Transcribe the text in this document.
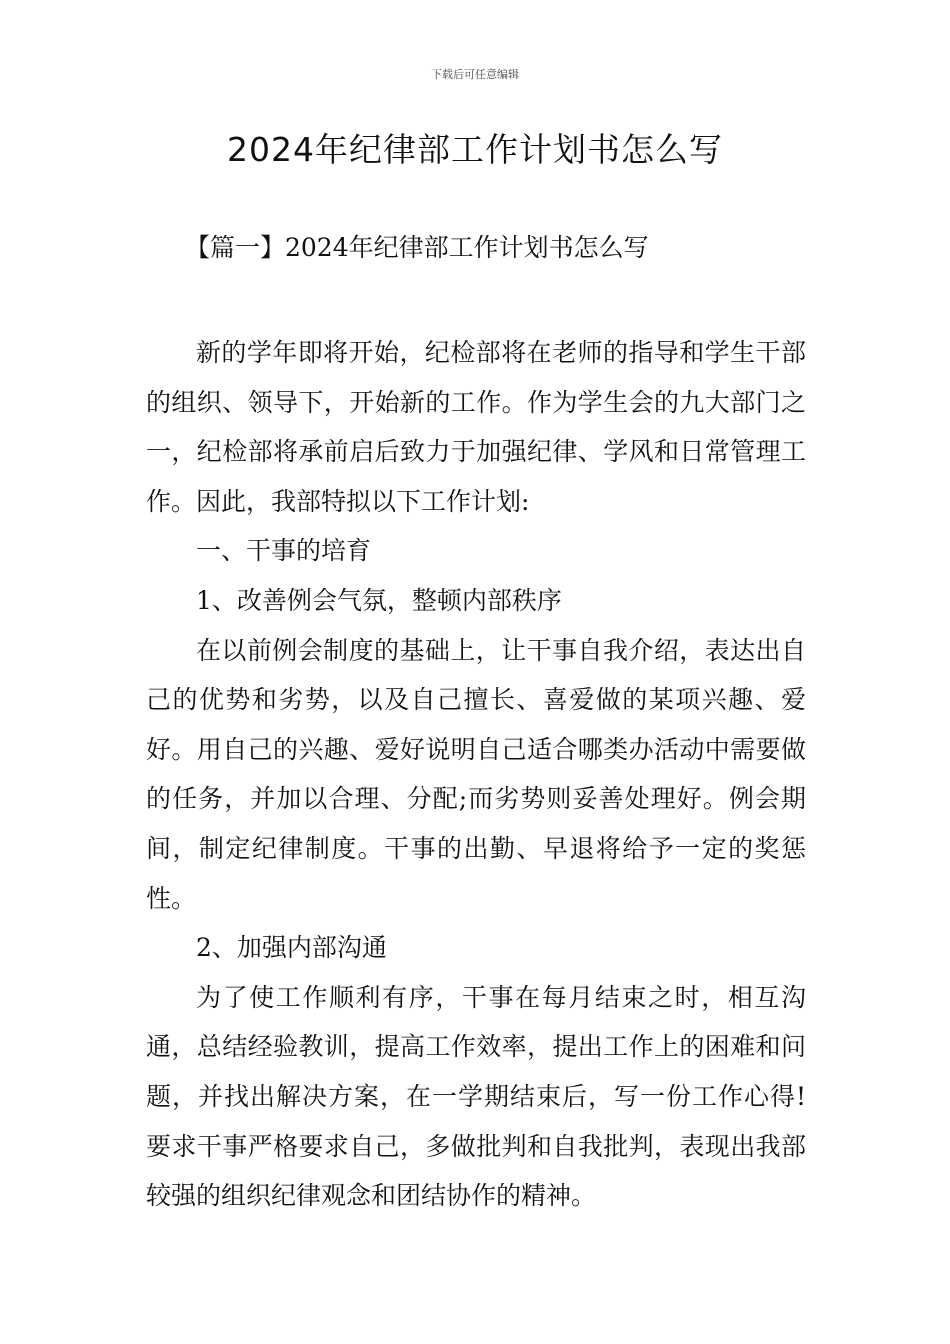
下载后可任意编辑
2024年纪律部工作计划书怎么写
【篇一】2024年纪律部工作计划书怎么写

新的学年即将开始，纪检部将在老师的指导和学生干部的组织、领导下，开始新的工作。作为学生会的九大部门之一，纪检部将承前启后致力于加强纪律、学风和日常管理工作。因此，我部特拟以下工作计划:

一、干事的培育

1、改善例会气氛，整顿内部秩序

在以前例会制度的基础上，让干事自我介绍，表达出自己的优势和劣势，以及自己擅长、喜爱做的某项兴趣、爱好。用自己的兴趣、爱好说明自己适合哪类办活动中需要做的任务，并加以合理、分配;而劣势则妥善处理好。例会期间，制定纪律制度。干事的出勤、早退将给予一定的奖惩性。

2、加强内部沟通

为了使工作顺利有序，干事在每月结束之时，相互沟通，总结经验教训，提高工作效率，提出工作上的困难和问题，并找出解决方案，在一学期结束后，写一份工作心得!要求干事严格要求自己，多做批判和自我批判，表现出我部较强的组织纪律观念和团结协作的精神。
